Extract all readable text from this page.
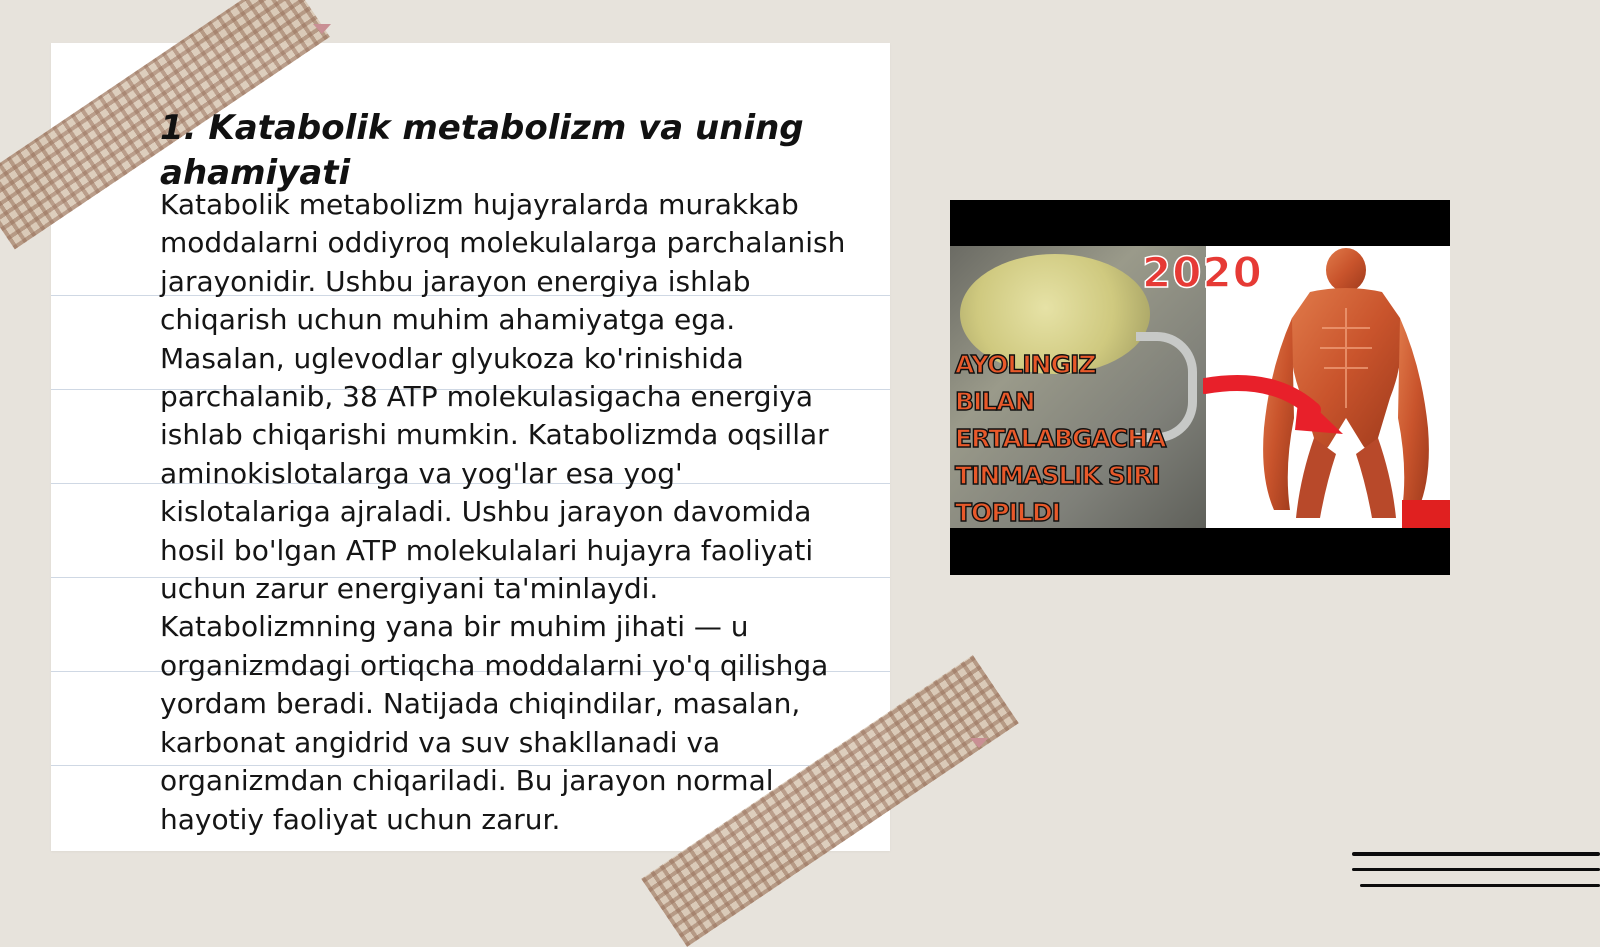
1. Katabolik metabolizm va uning ahamiyati

Katabolik metabolizm hujayralarda murakkab moddalarni oddiyroq molekulalarga parchalanish jarayonidir. Ushbu jarayon energiya ishlab chiqarish uchun muhim ahamiyatga ega. Masalan, uglevodlar glyukoza ko'rinishida parchalanib, 38 ATP molekulasigacha energiya ishlab chiqarishi mumkin. Katabolizmda oqsillar aminokislotalarga va yog'lar esa yog' kislotalariga ajraladi. Ushbu jarayon davomida hosil bo'lgan ATP molekulalari hujayra faoliyati uchun zarur energiyani ta'minlaydi. Katabolizmning yana bir muhim jihati — u organizmdagi ortiqcha moddalarni yo'q qilishga yordam beradi. Natijada chiqindilar, masalan, karbonat angidrid va suv shakllanadi va organizmdan chiqariladi. Bu jarayon normal hayotiy faoliyat uchun zarur.

2020
AYOLINGIZ
BILAN
ERTALABGACHA
TINMASLIK SIRI
TOPILDI
